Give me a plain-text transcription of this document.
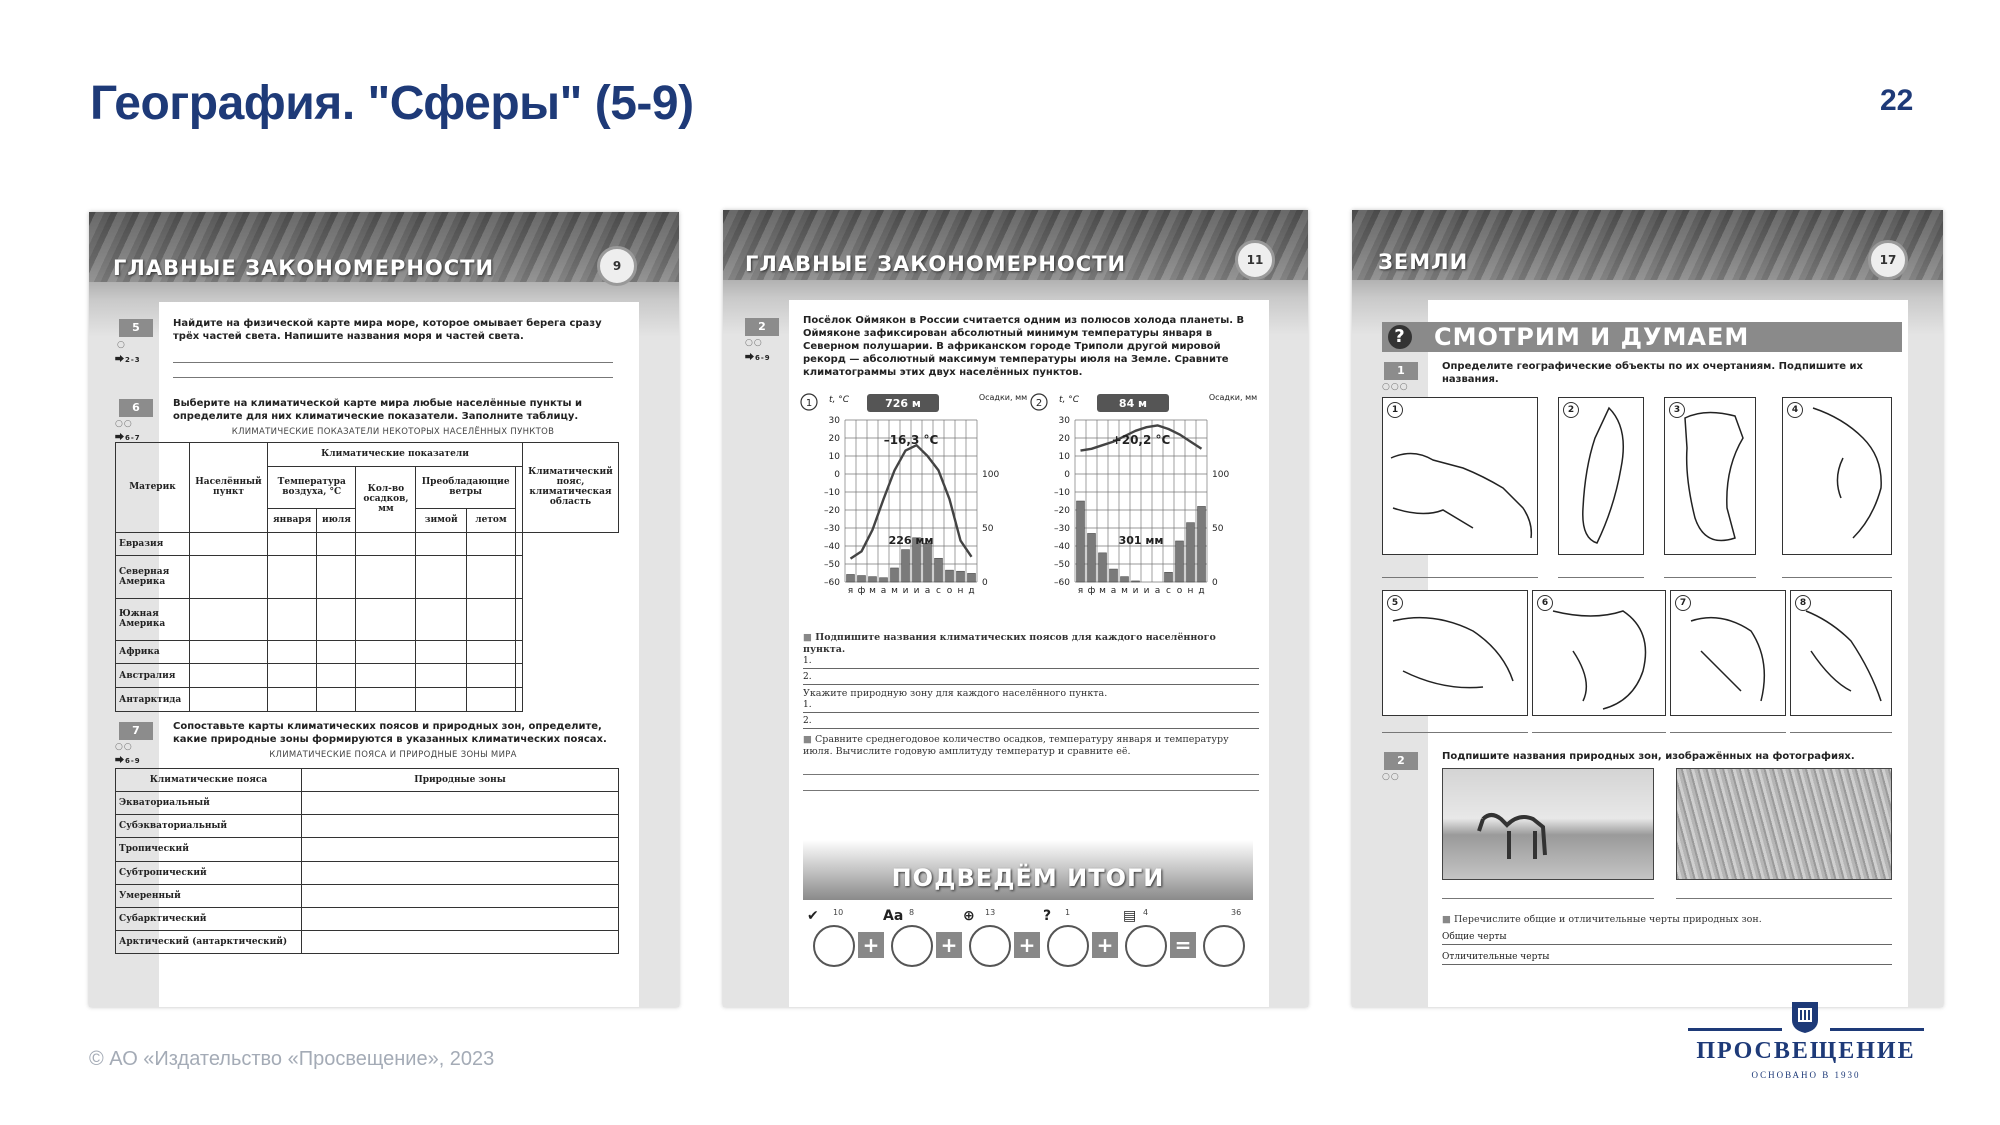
География. "Сферы" (5-9)	22
ГЛАВНЫЕ ЗАКОНОМЕРНОСТИ	9
5
○
⮕2-3
Найдите на физической карте мира море, которое омывает берега сразу трёх частей света. Напишите названия моря и частей света.
6
○○
⮕6-7
Выберите на климатической карте мира любые населённые пункты и определите для них климатические показатели. Заполните таблицу.
КЛИМАТИЧЕСКИЕ ПОКАЗАТЕЛИ НЕКОТОРЫХ НАСЕЛЁННЫХ ПУНКТОВ
Материк	Населённый пункт	Климатические показатели						Климатический пояс, климатическая область
		Температура воздуха, °С		Кол-во осадков, мм	Преобладающие ветры			
		января	июля		зимой	летом		
Евразия								
Северная Америка								
Южная Америка								
Африка								
Австралия								
Антарктида								
7
○○
⮕6-9
Сопоставьте карты климатических поясов и природных зон, определите, какие природные зоны формируются в указанных климатических поясах.
КЛИМАТИЧЕСКИЕ ПОЯСА И ПРИРОДНЫЕ ЗОНЫ МИРА
Климатические пояса	Природные зоны
Экваториальный	
Субэкваториальный	
Тропический	
Субтропический	
Умеренный	
Субарктический	
Арктический (антарктический)	
ГЛАВНЫЕ ЗАКОНОМЕРНОСТИ	11
2
○○
⮕6-9
Посёлок Оймякон в России считается одним из полюсов холода планеты. В Оймяконе зафиксирован абсолютный минимум температуры января в Северном полушарии. В африканском городе Триполи другой мировой рекорд — абсолютный максимум температуры июля на Земле. Сравните климатограммы этих двух населённых пунктов.
1 t, °С	Осадки, мм
726 м
30
20
10
0
–10
–20
–30
–40
–50
–60
100
50
0
я ф м а м и и а с о н д
–16,3 °С
226 мм
2 t, °С	Осадки, мм
84 м
30
20
10
0
–10
–20
–30
–40
–50
–60
100
50
0
я ф м а м и и а с о н д
+20,2 °С
301 мм
■ Подпишите названия климатических поясов для каждого населённого пункта.
1.
2.
Укажите природную зону для каждого населённого пункта.
1.
2.
■ Сравните среднегодовое количество осадков, температуру января и температуру июля. Вычислите годовую амплитуду температур и сравните её.
ПОДВЕДЁМ ИТОГИ
✔ 10	Aa 8	⊕ 13	? 1	▤ 4	36
+	+	+	+	=
ЗЕМЛИ	17
? СМОТРИМ И ДУМАЕМ
1
○○○
Определите географические объекты по их очертаниям. Подпишите их названия.
1	2	3	4
5	6	7	8
2
○○
Подпишите названия природных зон, изображённых на фотографиях.
■ Перечислите общие и отличительные черты природных зон.
Общие черты
Отличительные черты
© АО «Издательство «Просвещение», 2023	ПРОСВЕЩЕНИЕ
ОСНОВАНО В 1930
